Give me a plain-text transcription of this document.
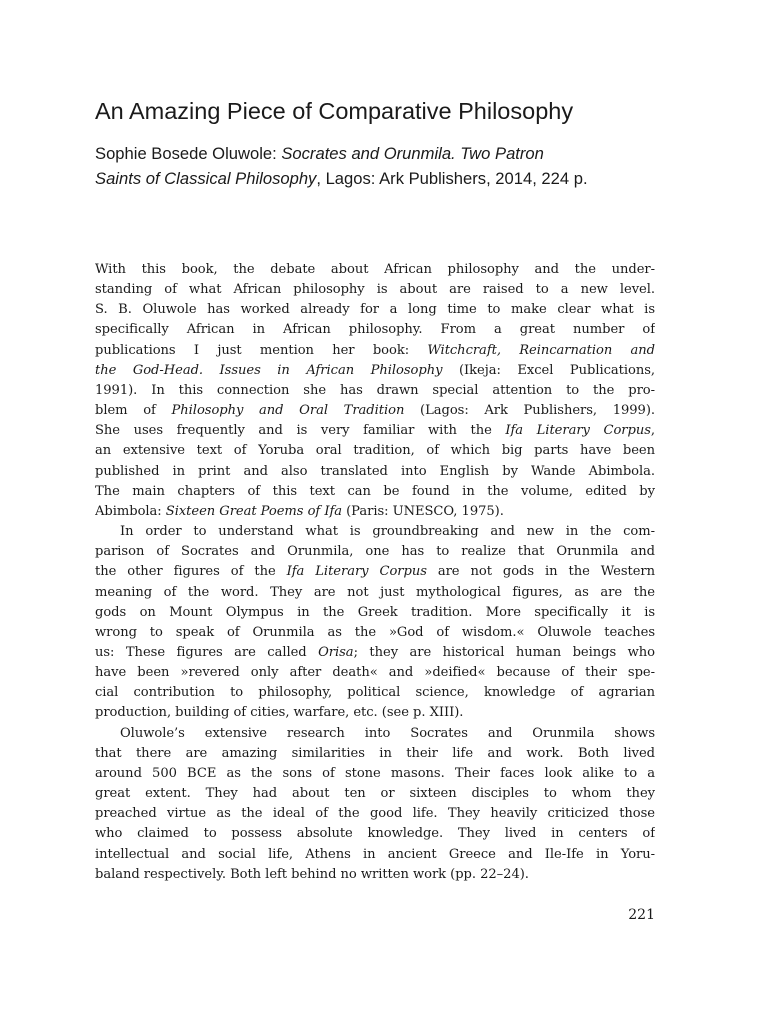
An Amazing Piece of Comparative Philosophy
Sophie Bosede Oluwole: Socrates and Orunmila. Two Patron
Saints of Classical Philosophy, Lagos: Ark Publishers, 2014, 224 p.
With this book, the debate about African philosophy and the under-
standing of what African philosophy is about are raised to a new level.
S. B. Oluwole has worked already for a long time to make clear what is
specifically African in African philosophy. From a great number of
publications I just mention her book: Witchcraft, Reincarnation and
the God-Head. Issues in African Philosophy (Ikeja: Excel Publications,
1991). In this connection she has drawn special attention to the pro-
blem of Philosophy and Oral Tradition (Lagos: Ark Publishers, 1999).
She uses frequently and is very familiar with the Ifa Literary Corpus,
an extensive text of Yoruba oral tradition, of which big parts have been
published in print and also translated into English by Wande Abimbola.
The main chapters of this text can be found in the volume, edited by
Abimbola: Sixteen Great Poems of Ifa (Paris: UNESCO, 1975).
In order to understand what is groundbreaking and new in the com-
parison of Socrates and Orunmila, one has to realize that Orunmila and
the other figures of the Ifa Literary Corpus are not gods in the Western
meaning of the word. They are not just mythological figures, as are the
gods on Mount Olympus in the Greek tradition. More specifically it is
wrong to speak of Orunmila as the »God of wisdom.« Oluwole teaches
us: These figures are called Orisa; they are historical human beings who
have been »revered only after death« and »deified« because of their spe-
cial contribution to philosophy, political science, knowledge of agrarian
production, building of cities, warfare, etc. (see p. XIII).
Oluwole’s extensive research into Socrates and Orunmila shows
that there are amazing similarities in their life and work. Both lived
around 500 BCE as the sons of stone masons. Their faces look alike to a
great extent. They had about ten or sixteen disciples to whom they
preached virtue as the ideal of the good life. They heavily criticized those
who claimed to possess absolute knowledge. They lived in centers of
intellectual and social life, Athens in ancient Greece and Ile-Ife in Yoru-
baland respectively. Both left behind no written work (pp. 22–24).
221
